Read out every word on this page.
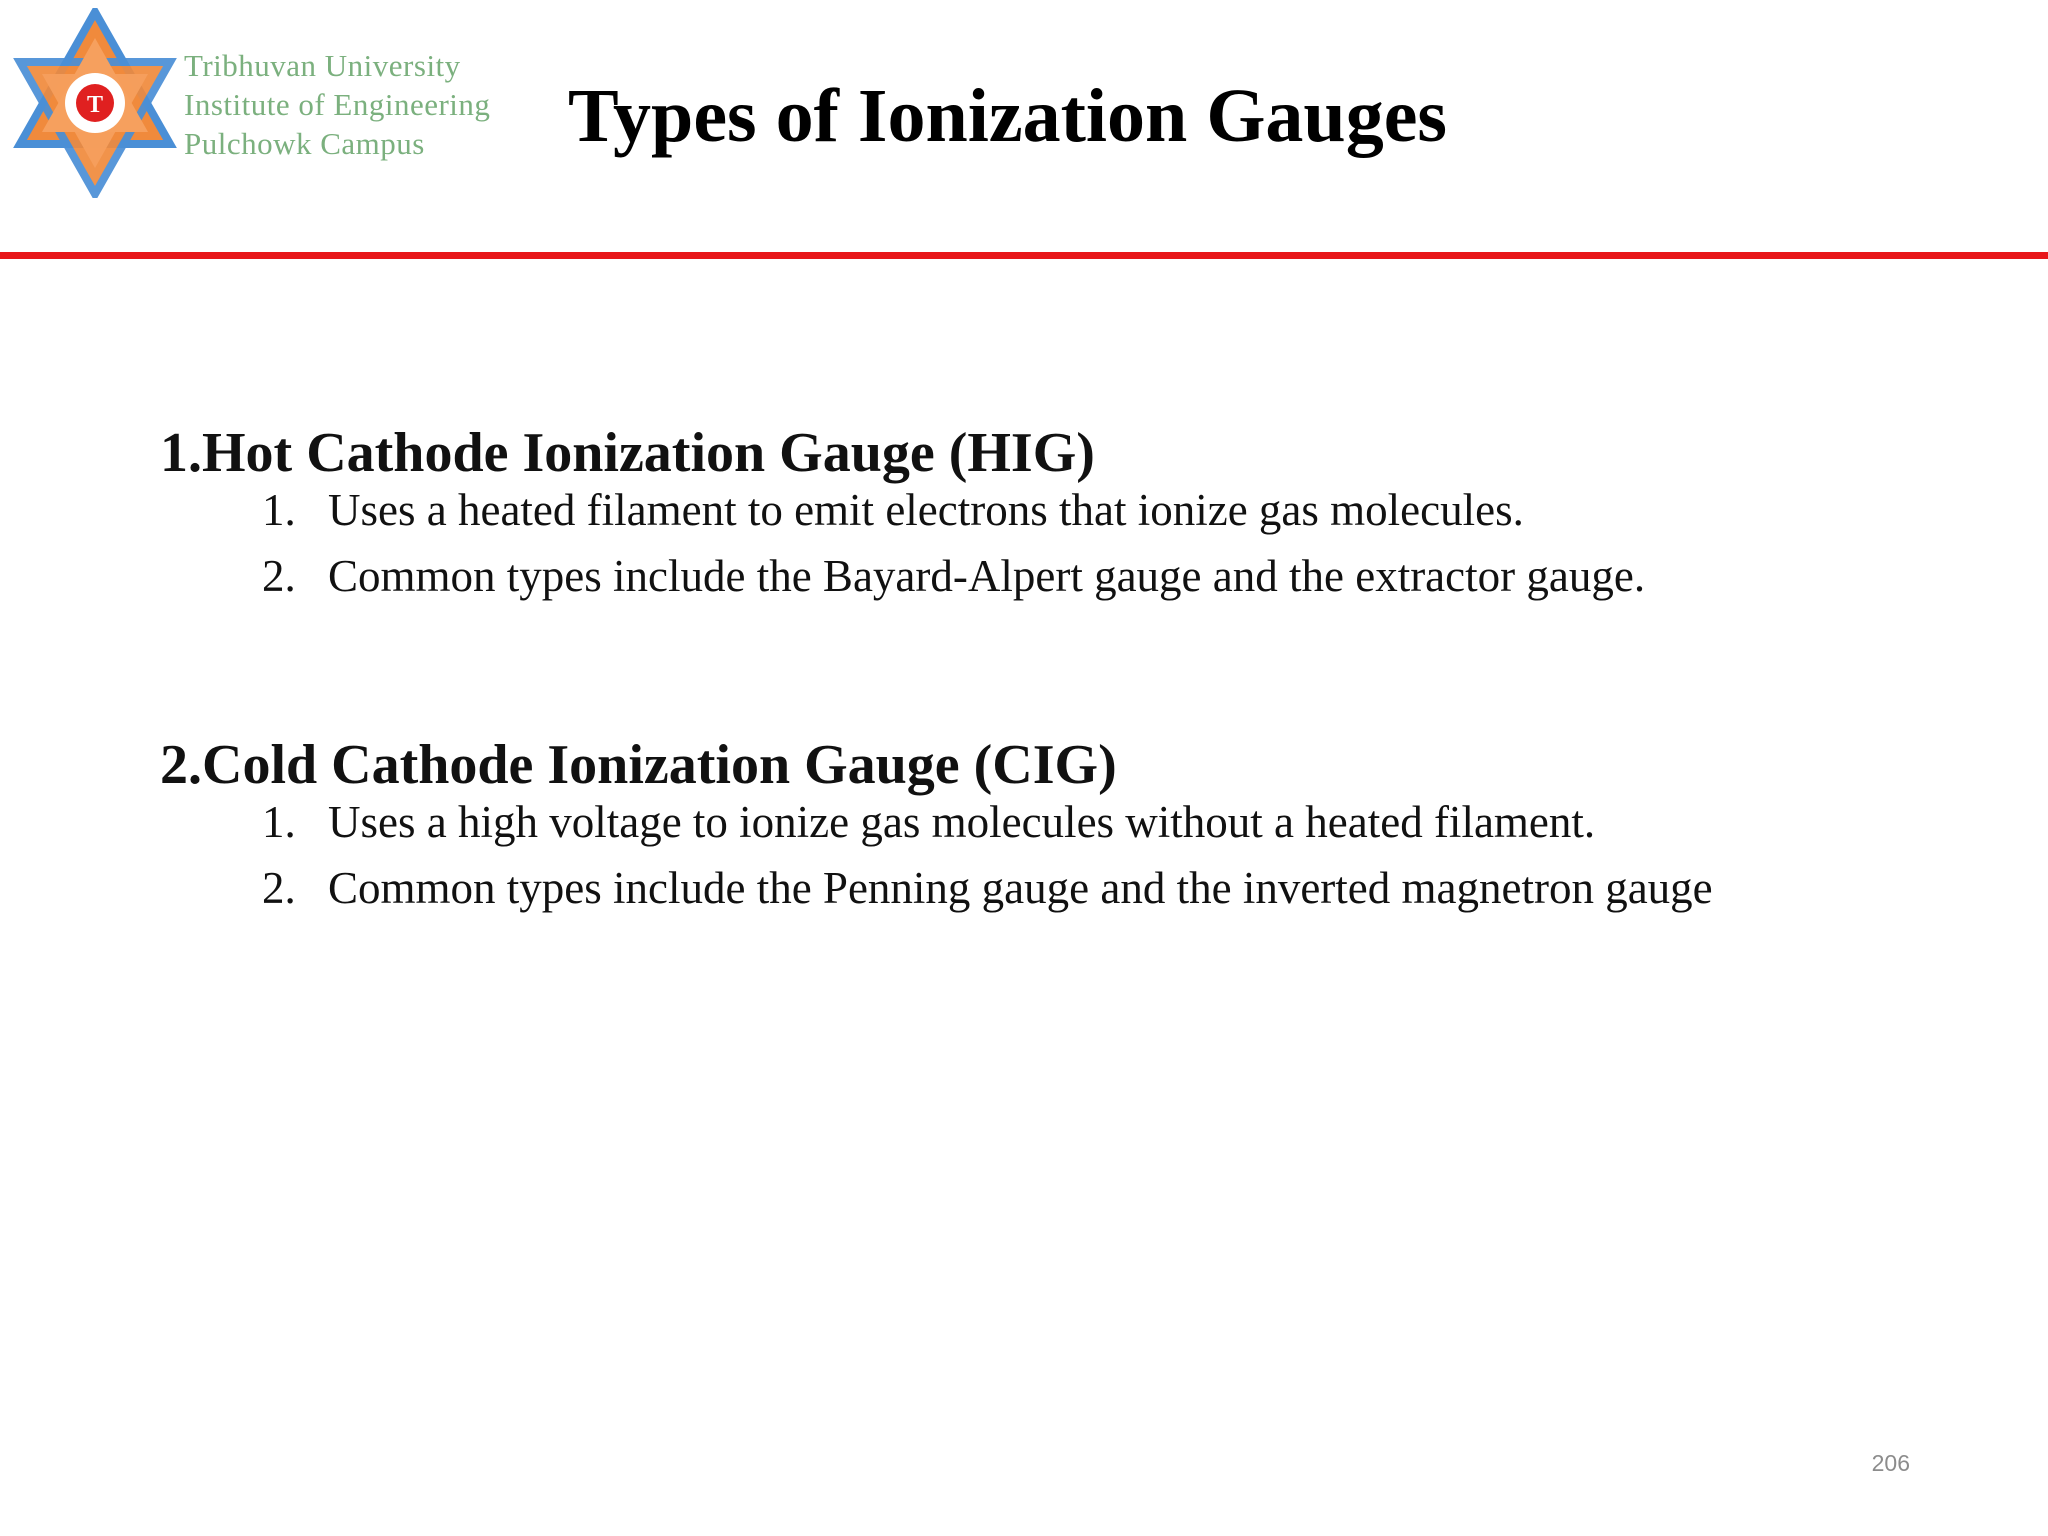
T
Tribhuvan University
Institute of Engineering
Pulchowk Campus	Types of Ionization Gauges
1.Hot Cathode Ionization Gauge (HIG)
1. Uses a heated filament to emit electrons that ionize gas molecules.
2. Common types include the Bayard-Alpert gauge and the extractor gauge.
2.Cold Cathode Ionization Gauge (CIG)
1. Uses a high voltage to ionize gas molecules without a heated filament.
2. Common types include the Penning gauge and the inverted magnetron gauge
206
